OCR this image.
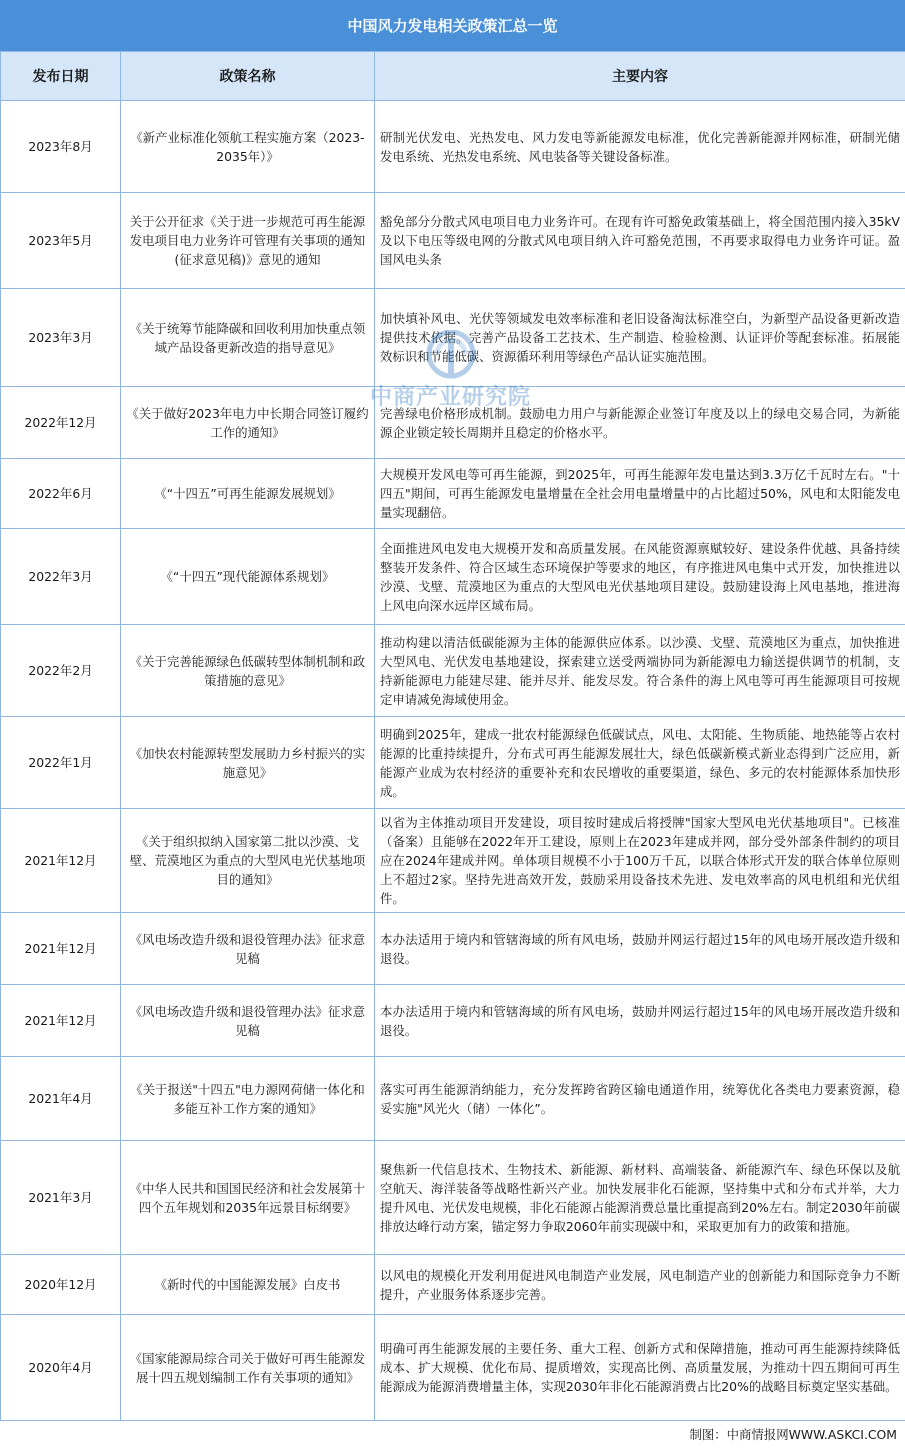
中国风力发电相关政策汇总一览
发布日期	政策名称	主要内容
2023年8月	《新产业标准化领航工程实施方案（2023-2035年）》	研制光伏发电、光热发电、风力发电等新能源发电标准，优化完善新能源并网标准，研制光储发电系统、光热发电系统、风电装备等关键设备标准。
2023年5月	关于公开征求《关于进一步规范可再生能源发电项目电力业务许可管理有关事项的通知(征求意见稿)》意见的通知	豁免部分分散式风电项目电力业务许可。在现有许可豁免政策基础上，将全国范围内接入35kV及以下电压等级电网的分散式风电项目纳入许可豁免范围，不再要求取得电力业务许可证。盈国风电头条
2023年3月	《关于统筹节能降碳和回收利用加快重点领域产品设备更新改造的指导意见》	加快填补风电、光伏等领域发电效率标准和老旧设备淘汰标准空白，为新型产品设备更新改造提供技术依据。完善产品设备工艺技术、生产制造、检验检测、认证评价等配套标准。拓展能效标识和节能低碳、资源循环利用等绿色产品认证实施范围。
2022年12月	《关于做好2023年电力中长期合同签订履约工作的通知》	完善绿电价格形成机制。鼓励电力用户与新能源企业签订年度及以上的绿电交易合同，为新能源企业锁定较长周期并且稳定的价格水平。
2022年6月	《“十四五”可再生能源发展规划》	大规模开发风电等可再生能源，到2025年，可再生能源年发电量达到3.3万亿千瓦时左右。"十四五"期间，可再生能源发电量增量在全社会用电量增量中的占比超过50%，风电和太阳能发电量实现翻倍。
2022年3月	《“十四五”现代能源体系规划》	全面推进风电发电大规模开发和高质量发展。在风能资源禀赋较好、建设条件优越、具备持续整装开发条件、符合区域生态环境保护等要求的地区，有序推进风电集中式开发，加快推进以沙漠、戈壁、荒漠地区为重点的大型风电光伏基地项目建设。鼓励建设海上风电基地，推进海上风电向深水远岸区域布局。
2022年2月	《关于完善能源绿色低碳转型体制机制和政策措施的意见》	推动构建以清洁低碳能源为主体的能源供应体系。以沙漠、戈壁、荒漠地区为重点，加快推进大型风电、光伏发电基地建设，探索建立送受两端协同为新能源电力输送提供调节的机制，支持新能源电力能建尽建、能并尽并、能发尽发。符合条件的海上风电等可再生能源项目可按规定申请减免海域使用金。
2022年1月	《加快农村能源转型发展助力乡村振兴的实施意见》	明确到2025年，建成一批农村能源绿色低碳试点，风电、太阳能、生物质能、地热能等占农村能源的比重持续提升，分布式可再生能源发展壮大，绿色低碳新模式新业态得到广泛应用，新能源产业成为农村经济的重要补充和农民增收的重要渠道，绿色、多元的农村能源体系加快形成。
2021年12月	《关于组织拟纳入国家第二批以沙漠、戈壁、荒漠地区为重点的大型风电光伏基地项目的通知》	以省为主体推动项目开发建设，项目按时建成后将授牌"国家大型风电光伏基地项目"。已核准（备案）且能够在2022年开工建设，原则上在2023年建成并网，部分受外部条件制约的项目应在2024年建成并网。单体项目规模不小于100万千瓦，以联合体形式开发的联合体单位原则上不超过2家。坚持先进高效开发，鼓励采用设备技术先进、发电效率高的风电机组和光伏组件。
2021年12月	《风电场改造升级和退役管理办法》征求意见稿	本办法适用于境内和管辖海域的所有风电场，鼓励并网运行超过15年的风电场开展改造升级和退役。
2021年12月	《风电场改造升级和退役管理办法》征求意见稿	本办法适用于境内和管辖海域的所有风电场，鼓励并网运行超过15年的风电场开展改造升级和退役。
2021年4月	《关于报送"十四五"电力源网荷储一体化和多能互补工作方案的通知》	落实可再生能源消纳能力，充分发挥跨省跨区输电通道作用，统筹优化各类电力要素资源，稳妥实施"风光火（储）一体化”。
2021年3月	《中华人民共和国国民经济和社会发展第十四个五年规划和2035年远景目标纲要》	聚焦新一代信息技术、生物技术、新能源、新材料、高端装备、新能源汽车、绿色环保以及航空航天、海洋装备等战略性新兴产业。加快发展非化石能源，坚持集中式和分布式并举，大力提升风电、光伏发电规模，非化石能源占能源消费总量比重提高到20%左右。制定2030年前碳排放达峰行动方案，锚定努力争取2060年前实现碳中和，采取更加有力的政策和措施。
2020年12月	《新时代的中国能源发展》白皮书	以风电的规模化开发利用促进风电制造产业发展，风电制造产业的创新能力和国际竞争力不断提升，产业服务体系逐步完善。
2020年4月	《国家能源局综合司关于做好可再生能源发展十四五规划编制工作有关事项的通知》	明确可再生能源发展的主要任务、重大工程、创新方式和保障措施，推动可再生能源持续降低成本、扩大规模、优化布局、提质增效，实现高比例、高质量发展，为推动十四五期间可再生能源成为能源消费增量主体，实现2030年非化石能源消费占比20%的战略目标奠定坚实基础。
中商产业研究院
制图：中商情报网WWW.ASKCI.COM
